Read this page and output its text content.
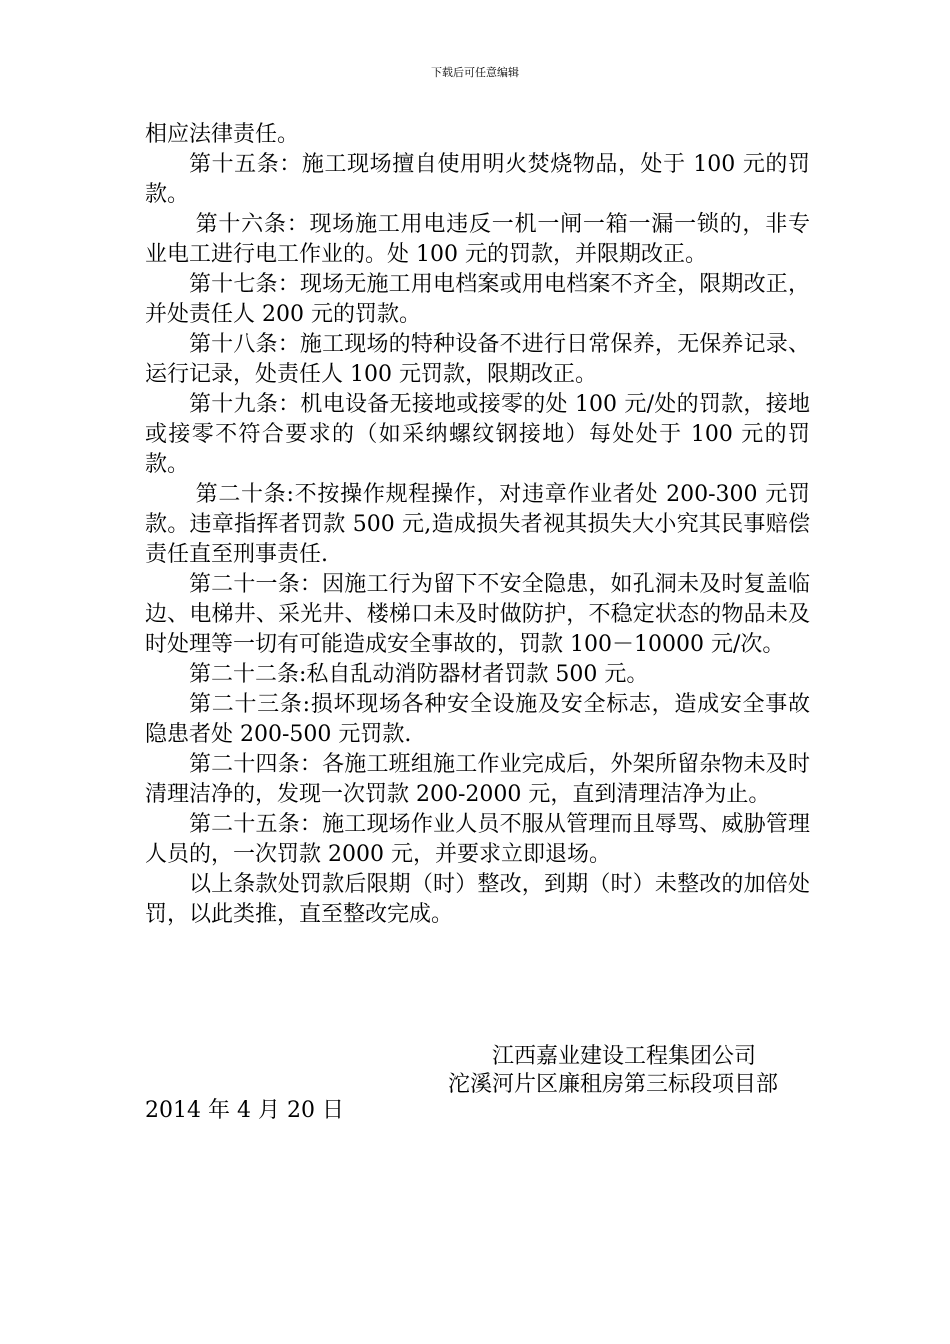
下载后可任意编辑

相应法律责任。

第十五条：施工现场擅自使用明火焚烧物品，处于 100 元的罚款。

第十六条：现场施工用电违反一机一闸一箱一漏一锁的，非专业电工进行电工作业的。处 100 元的罚款，并限期改正。

第十七条：现场无施工用电档案或用电档案不齐全，限期改正，并处责任人 200 元的罚款。

第十八条：施工现场的特种设备不进行日常保养，无保养记录、运行记录，处责任人 100 元罚款，限期改正。

第十九条：机电设备无接地或接零的处 100 元/处的罚款，接地或接零不符合要求的（如采纳螺纹钢接地）每处处于 100 元的罚款。

第二十条:不按操作规程操作，对违章作业者处 200-300 元罚款。违章指挥者罚款 500 元,造成损失者视其损失大小究其民事赔偿责任直至刑事责任.

第二十一条：因施工行为留下不安全隐患，如孔洞未及时复盖临边、电梯井、采光井、楼梯口未及时做防护，不稳定状态的物品未及时处理等一切有可能造成安全事故的，罚款 100－10000 元/次。

第二十二条:私自乱动消防器材者罚款 500 元。

第二十三条:损坏现场各种安全设施及安全标志，造成安全事故隐患者处 200-500 元罚款.

第二十四条：各施工班组施工作业完成后，外架所留杂物未及时清理洁净的，发现一次罚款 200-2000 元，直到清理洁净为止。

第二十五条：施工现场作业人员不服从管理而且辱骂、威胁管理人员的，一次罚款 2000 元，并要求立即退场。

以上条款处罚款后限期（时）整改，到期（时）未整改的加倍处罚，以此类推，直至整改完成。

江西嘉业建设工程集团公司
沱溪河片区廉租房第三标段项目部
2014 年 4 月 20 日
